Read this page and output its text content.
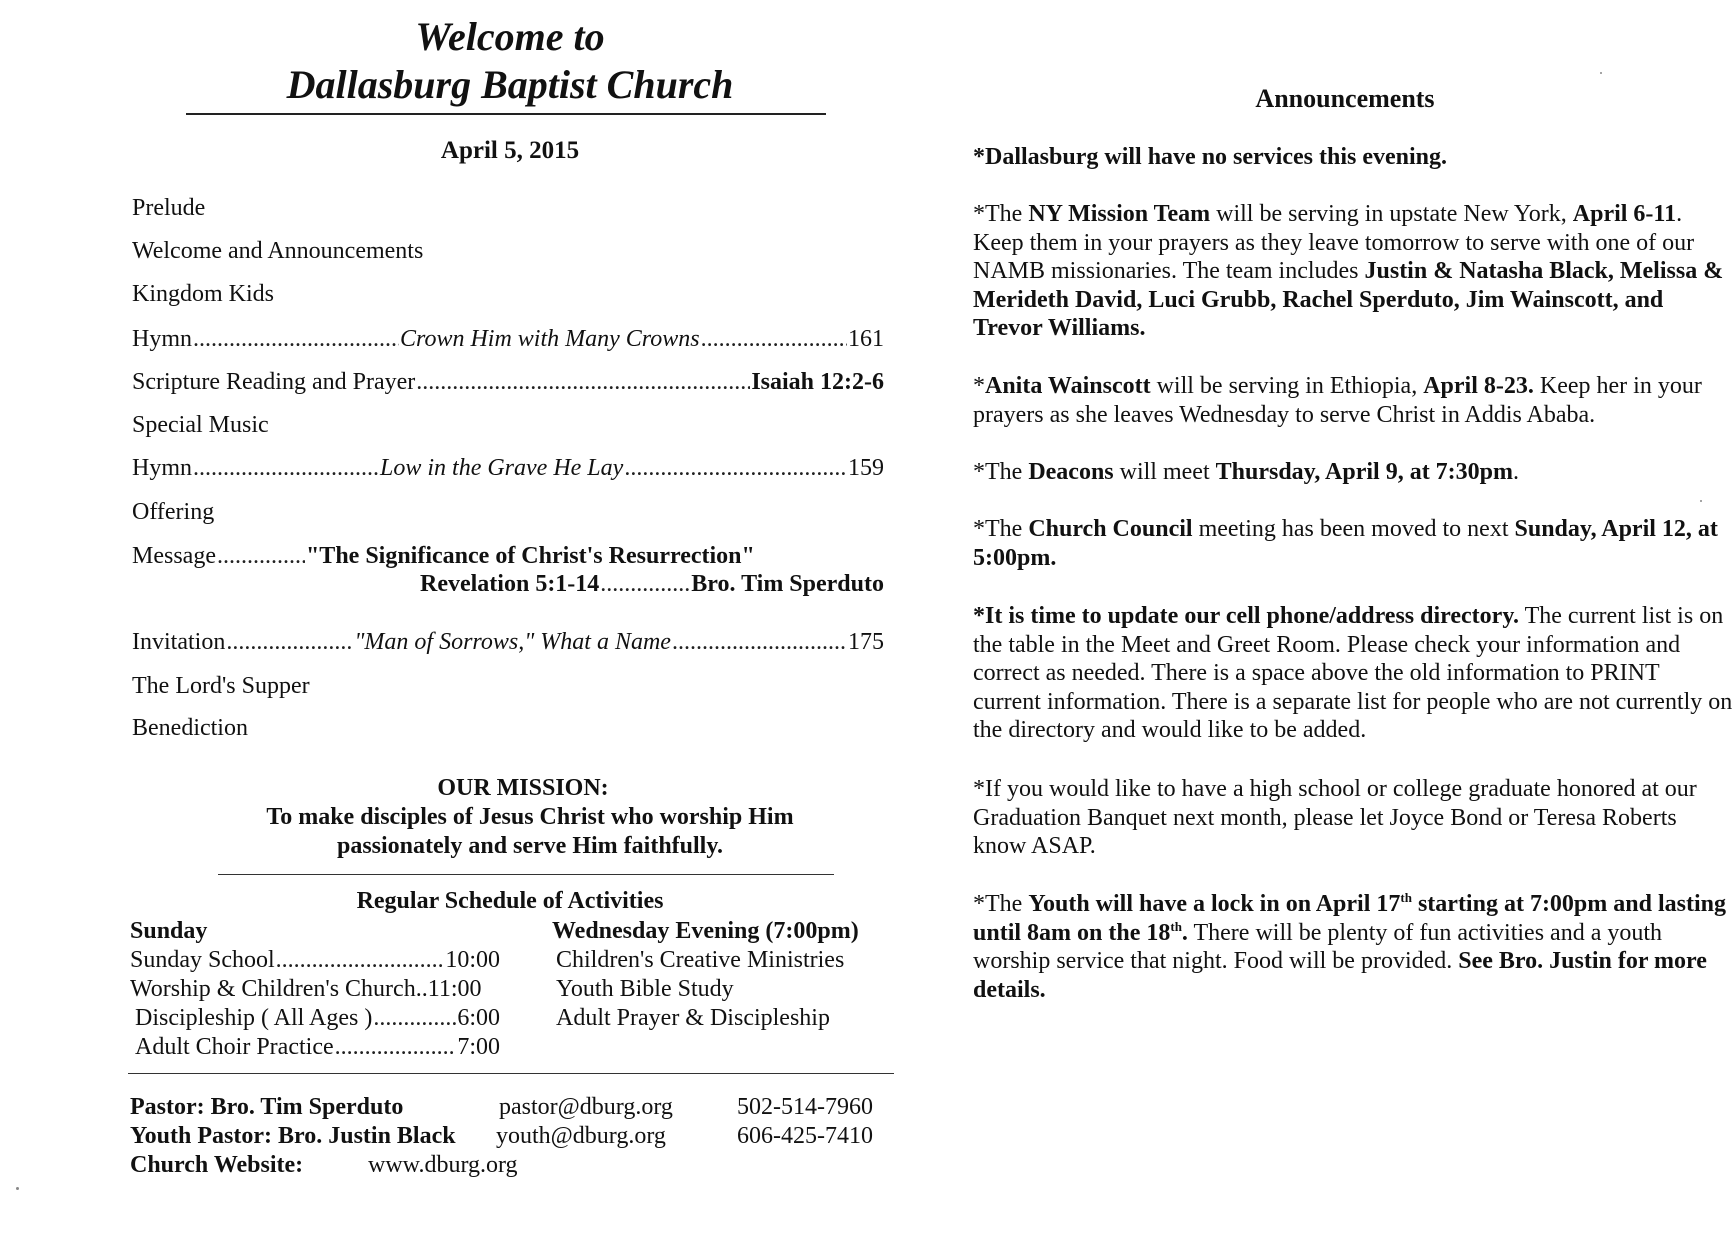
Welcome to
Dallasburg Baptist Church
April 5, 2015
Prelude
Welcome and Announcements
Kingdom Kids
Hymn .....	Crown Him with Many Crowns .....	161
Scripture Reading and Prayer .....	Isaiah 12:2-6
Special Music
Hymn .....	Low in the Grave He Lay .....	159
Offering
Message .....	"The Significance of Christ's Resurrection"
Revelation 5:1-14 .....	Bro. Tim Sperduto
Invitation .....	"Man of Sorrows," What a Name .....	175
The Lord's Supper
Benediction
OUR MISSION:
To make disciples of Jesus Christ who worship Him
passionately and serve Him faithfully.
Regular Schedule of Activities
Sunday
Sunday School .....	10:00
Worship & Children's Church.. 11:00
Discipleship ( All Ages ) .....	6:00
Adult Choir Practice .....	7:00
Wednesday Evening (7:00pm)
Children's Creative Ministries
Youth Bible Study
Adult Prayer & Discipleship
Pastor: Bro. Tim Sperduto	pastor@dburg.org	502-514-7960
Youth Pastor: Bro. Justin Black youth@dburg.org	606-425-7410
Church Website:	www.dburg.org
Announcements
*Dallasburg will have no services this evening.

*The NY Mission Team will be serving in upstate New York, April 6-11. Keep them in your prayers as they leave tomorrow to serve with one of our NAMB missionaries. The team includes Justin & Natasha Black, Melissa & Merideth David, Luci Grubb, Rachel Sperduto, Jim Wainscott, and Trevor Williams.

*Anita Wainscott will be serving in Ethiopia, April 8-23. Keep her in your prayers as she leaves Wednesday to serve Christ in Addis Ababa.

*The Deacons will meet Thursday, April 9, at 7:30pm.

*The Church Council meeting has been moved to next Sunday, April 12, at 5:00pm.

*It is time to update our cell phone/address directory. The current list is on the table in the Meet and Greet Room. Please check your information and correct as needed. There is a space above the old information to PRINT current information. There is a separate list for people who are not currently on the directory and would like to be added.

*If you would like to have a high school or college graduate honored at our Graduation Banquet next month, please let Joyce Bond or Teresa Roberts know ASAP.

*The Youth will have a lock in on April 17th starting at 7:00pm and lasting until 8am on the 18th. There will be plenty of fun activities and a youth worship service that night. Food will be provided. See Bro. Justin for more details.
